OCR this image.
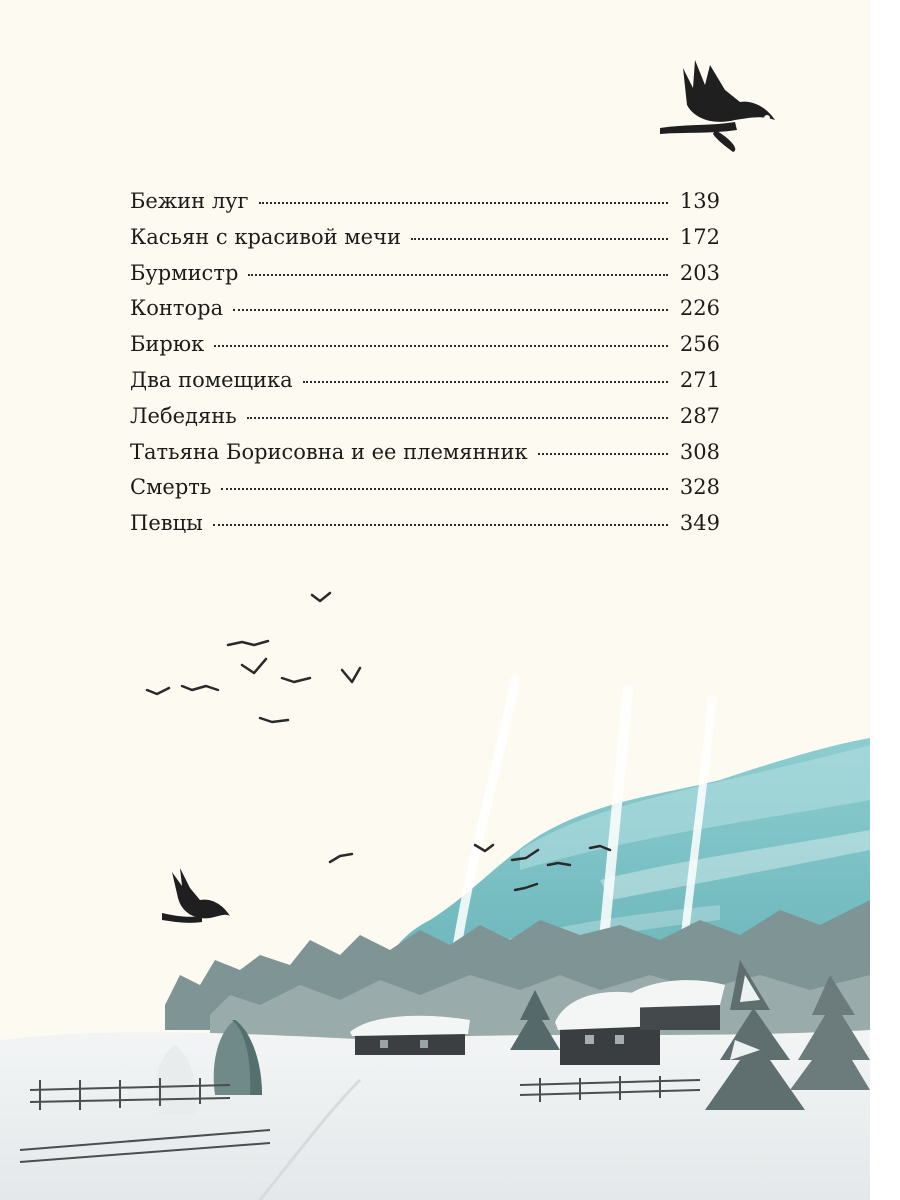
Бежин луг	139
Касьян с красивой мечи	172
Бурмистр	203
Контора	226
Бирюк	256
Два помещика	271
Лебедянь	287
Татьяна Борисовна и ее племянник	308
Смерть	328
Певцы	349
